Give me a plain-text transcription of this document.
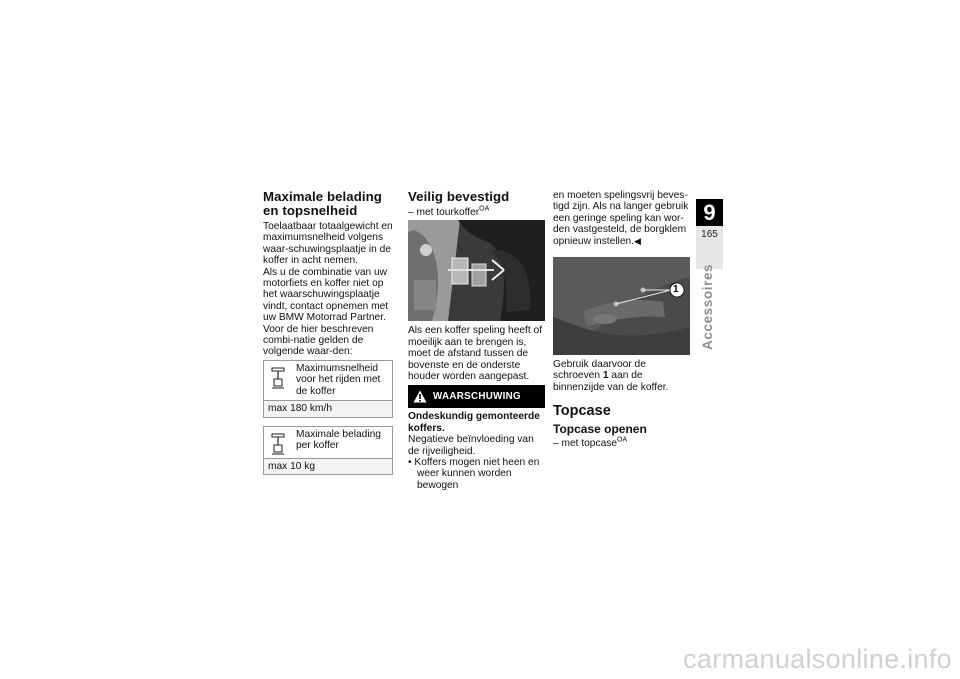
Maximale belading en topsnelheid

Toelaatbaar totaalgewicht en maximumsnelheid volgens waar-schuwingsplaatje in de koffer in acht nemen.

Als u de combinatie van uw motorfiets en koffer niet op het waarschuwingsplaatje vindt, contact opnemen met uw BMW Motorrad Partner.

Voor de hier beschreven combi-natie gelden de volgende waar-den:

Maximumsnelheid voor het rijden met de koffer
max 180 km/h
Maximale belading per koffer
max 10 kg
Veilig bevestigd

– met tourkoffer$^{OA}$

Als een koffer speling heeft of moeilijk aan te brengen is, moet de afstand tussen de bovenste en de onderste houder worden aangepast.

WAARSCHUWING

Ondeskundig gemonteerde koffers.

Negatieve beïnvloeding van de rijveiligheid.

• Koffers mogen niet heen en weer kunnen worden bewogen

en moeten spelingsvrij beves-tigd zijn. Als na langer gebruik een geringe speling kan wor-den vastgesteld, de borgklem opnieuw instellen.◀

1

Gebruik daarvoor de schroeven 1 aan de binnenzijde van de koffer.

Topcase
Topcase openen

– met topcase$^{OA}$

9
165
Accessoires
carmanualsonline.info
